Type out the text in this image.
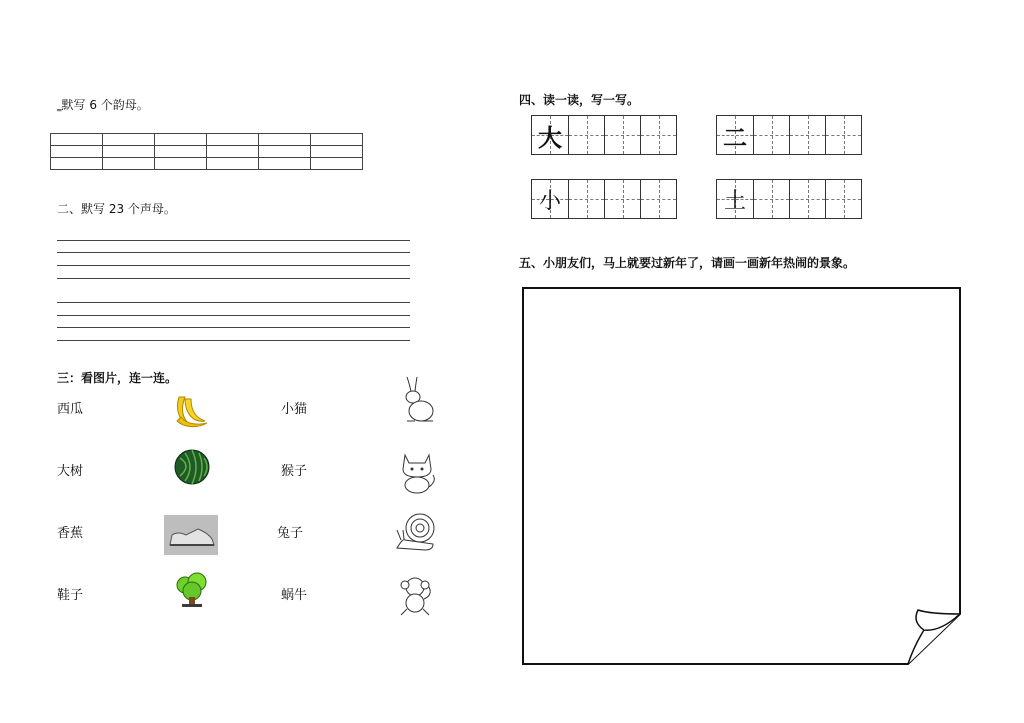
‗默写 6 个韵母。

二、默写 23 个声母。
三：看图片，连一连。
西瓜
大树
香蕉
鞋子
小猫
猴子
兔子
蜗牛
四、读一读，写一写。
大	二
小	土
五、小朋友们，马上就要过新年了，请画一画新年热闹的景象。
